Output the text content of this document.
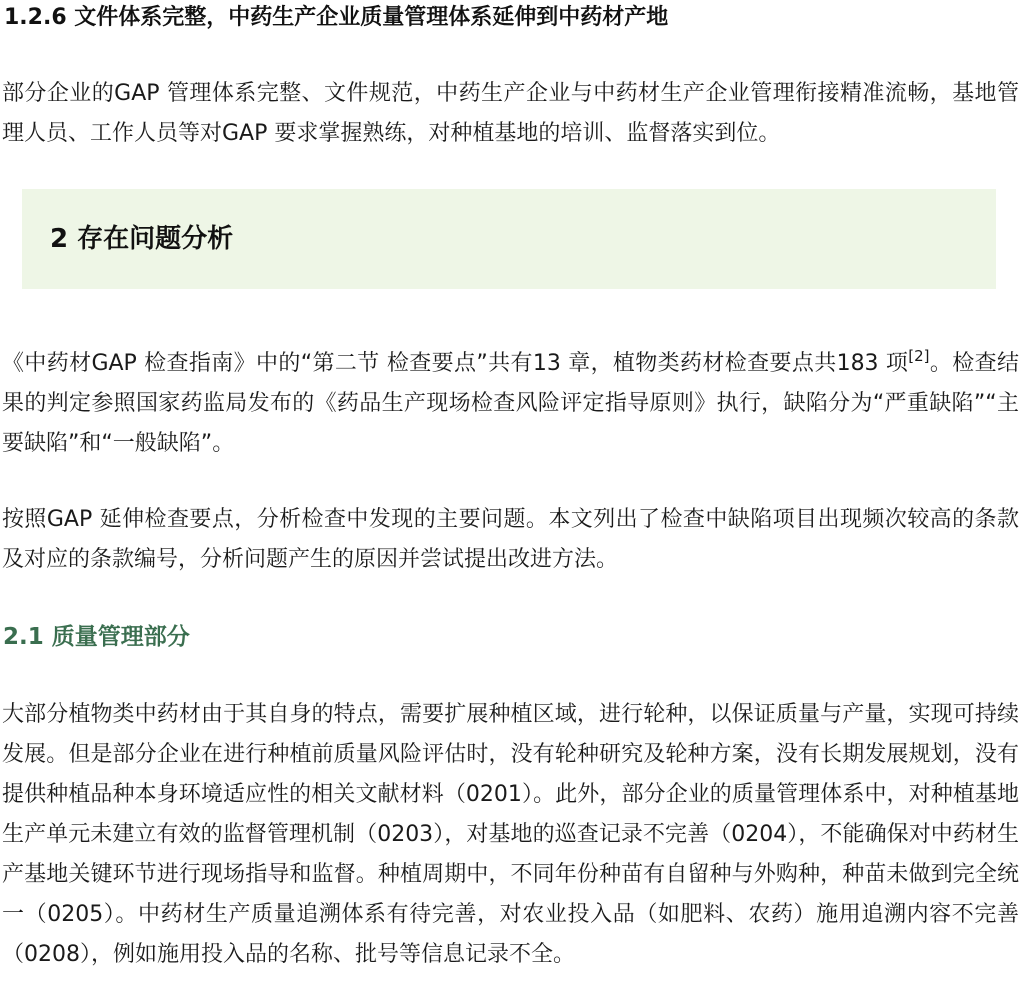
1.2.6 文件体系完整，中药生产企业质量管理体系延伸到中药材产地

部分企业的GAP 管理体系完整、文件规范，中药生产企业与中药材生产企业管理衔接精准流畅，基地管理人员、工作人员等对GAP 要求掌握熟练，对种植基地的培训、监督落实到位。

2 存在问题分析

《中药材GAP 检查指南》中的“第二节 检查要点”共有13 章，植物类药材检查要点共183 项[2]。检查结果的判定参照国家药监局发布的《药品生产现场检查风险评定指导原则》执行，缺陷分为“严重缺陷”“主要缺陷”和“一般缺陷”。

按照GAP 延伸检查要点，分析检查中发现的主要问题。本文列出了检查中缺陷项目出现频次较高的条款及对应的条款编号，分析问题产生的原因并尝试提出改进方法。

2.1 质量管理部分

大部分植物类中药材由于其自身的特点，需要扩展种植区域，进行轮种，以保证质量与产量，实现可持续发展。但是部分企业在进行种植前质量风险评估时，没有轮种研究及轮种方案，没有长期发展规划，没有提供种植品种本身环境适应性的相关文献材料（0201）。此外，部分企业的质量管理体系中，对种植基地生产单元未建立有效的监督管理机制（0203），对基地的巡查记录不完善（0204），不能确保对中药材生产基地关键环节进行现场指导和监督。种植周期中，不同年份种苗有自留种与外购种，种苗未做到完全统一（0205）。中药材生产质量追溯体系有待完善，对农业投入品（如肥料、农药）施用追溯内容不完善（0208），例如施用投入品的名称、批号等信息记录不全。
